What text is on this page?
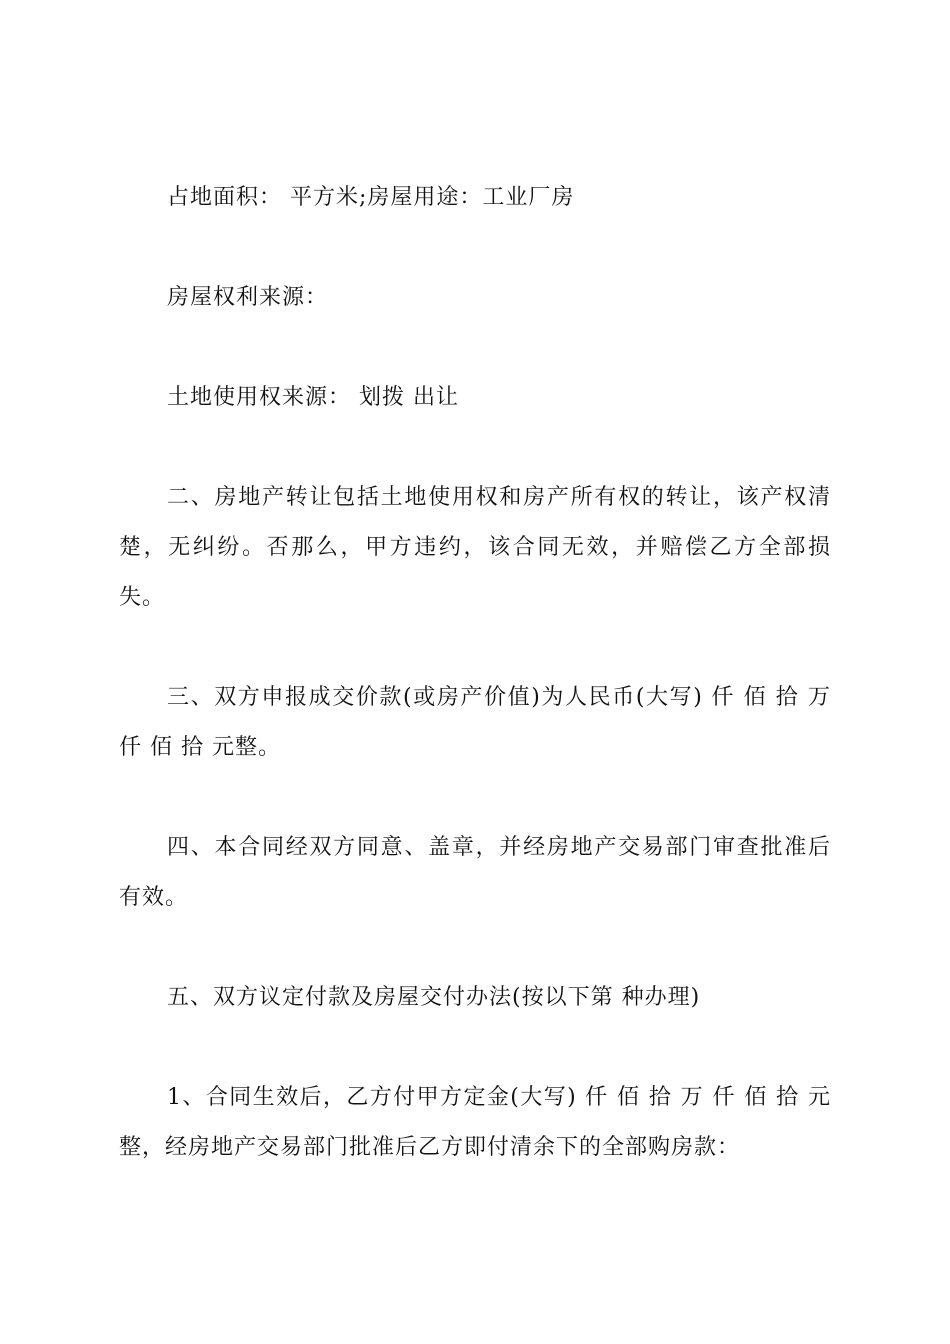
占地面积： 平方米;房屋用途：工业厂房

房屋权利来源：

土地使用权来源： 划拨 出让

二、房地产转让包括土地使用权和房产所有权的转让，该产权清楚，无纠纷。否那么，甲方违约，该合同无效，并赔偿乙方全部损失。

三、双方申报成交价款(或房产价值)为人民币(大写) 仟 佰 拾 万 仟 佰 拾 元整。

四、本合同经双方同意、盖章，并经房地产交易部门审查批准后有效。

五、双方议定付款及房屋交付办法(按以下第 种办理)

1、合同生效后，乙方付甲方定金(大写) 仟 佰 拾 万 仟 佰 拾 元整，经房地产交易部门批准后乙方即付清余下的全部购房款：
